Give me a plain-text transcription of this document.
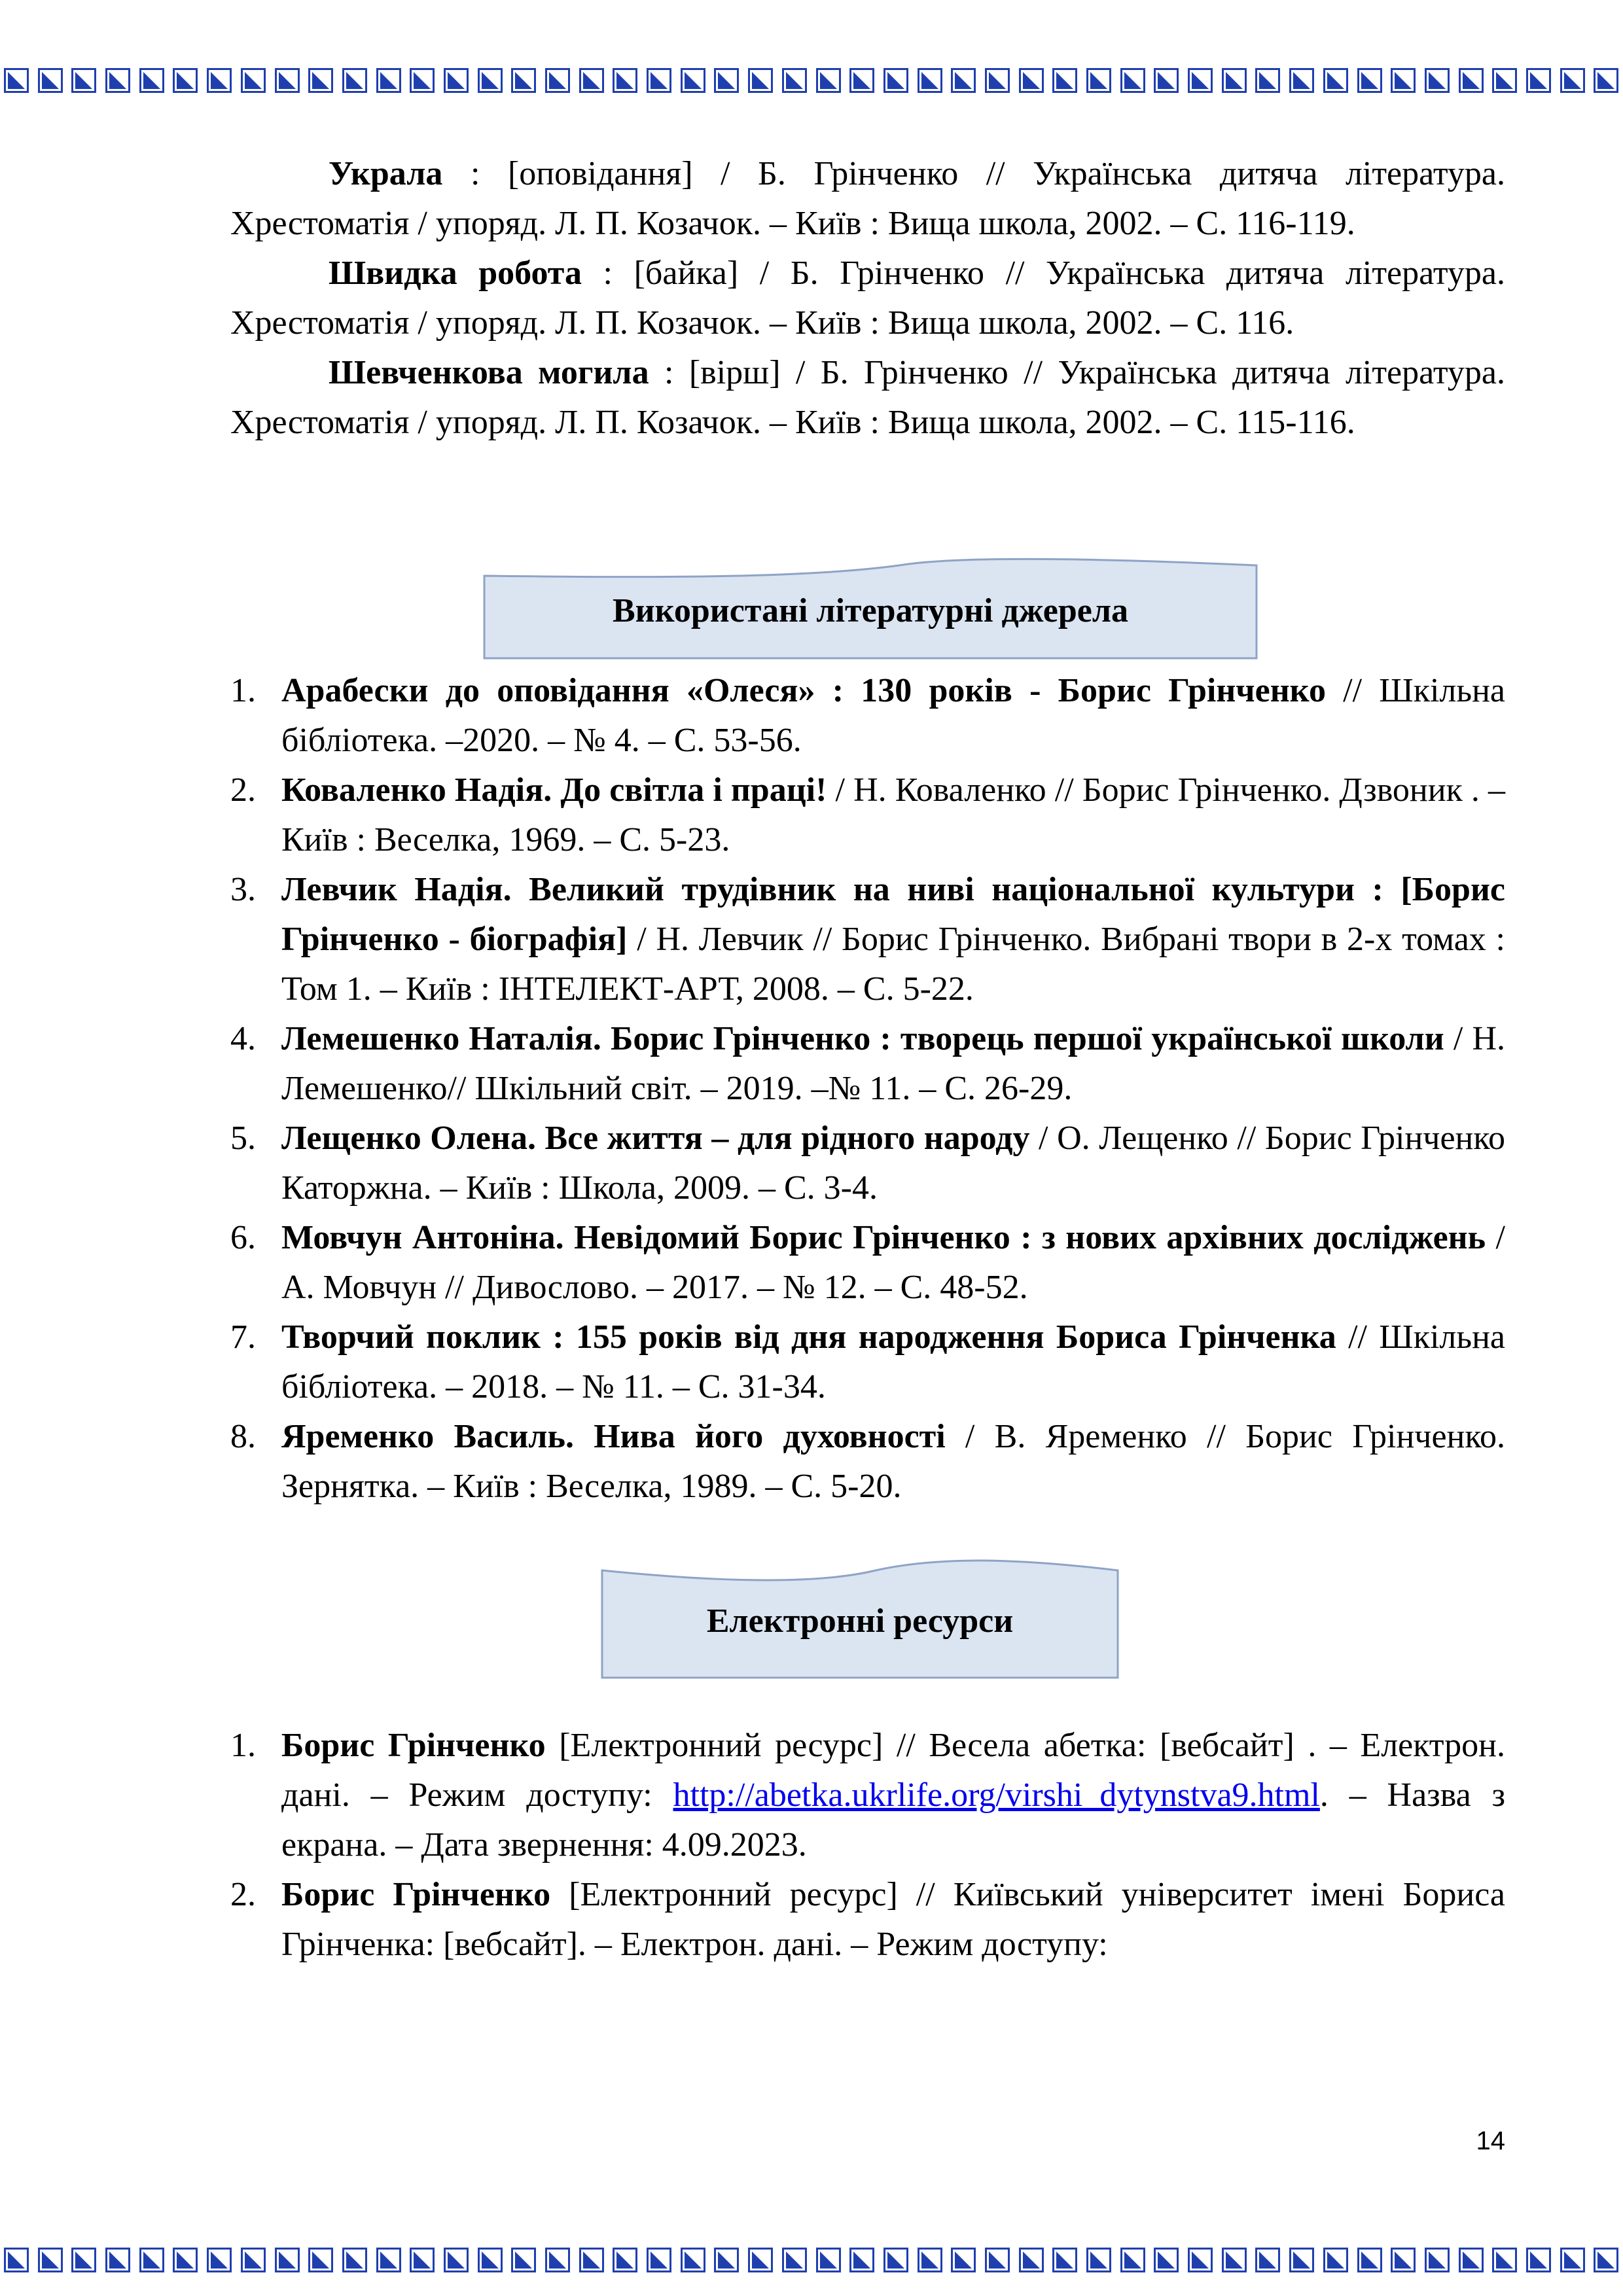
Украла : [оповідання] / Б. Грінченко // Українська дитяча література. Хрестоматія / упоряд. Л. П. Козачок. – Київ : Вища школа, 2002. – С. 116-119.

Швидка робота : [байка] / Б. Грінченко // Українська дитяча література. Хрестоматія / упоряд. Л. П. Козачок. – Київ : Вища школа, 2002. – С. 116.

Шевченкова могила : [вірш] / Б. Грінченко // Українська дитяча література. Хрестоматія / упоряд. Л. П. Козачок. – Київ : Вища школа, 2002. – С. 115-116.

Використані літературні джерела
1. Арабески до оповідання «Олеся» : 130 років - Борис Грінченко // Шкільна бібліотека. –2020. – № 4. – С. 53-56.
2. Коваленко Надія. До світла і праці! / Н. Коваленко // Борис Грінченко. Дзвоник . – Київ : Веселка, 1969. – С. 5-23.
3. Левчик Надія. Великий трудівник на ниві національної культури : [Борис Грінченко - біографія] / Н. Левчик // Борис Грінченко. Вибрані твори в 2-х томах : Том 1. – Київ : ІНТЕЛЕКТ-АРТ, 2008. – С. 5-22.
4. Лемешенко Наталія. Борис Грінченко : творець першої української школи / Н. Лемешенко// Шкільний світ. – 2019. –№ 11. – С. 26-29.
5. Лещенко Олена. Все життя – для рідного народу / О. Лещенко // Борис Грінченко Каторжна. – Київ : Школа, 2009. – С. 3-4.
6. Мовчун Антоніна. Невідомий Борис Грінченко : з нових архівних досліджень / А. Мовчун // Дивослово. – 2017. – № 12. – С. 48-52.
7. Творчий поклик : 155 років від дня народження Бориса Грінченка // Шкільна бібліотека. – 2018. – № 11. – С. 31-34.
8. Яременко Василь. Нива його духовності / В. Яременко // Борис Грінченко. Зернятка. – Київ : Веселка, 1989. – С. 5-20.
Електронні ресурси
1. Борис Грінченко [Електронний ресурс] // Весела абетка: [вебсайт] . – Електрон. дані. – Режим доступу: http://abetka.ukrlife.org/virshi_dytynstva9.html. – Назва з екрана. – Дата звернення: 4.09.2023.
2. Борис Грінченко [Електронний ресурс] // Київський університет імені Бориса Грінченка: [вебсайт]. – Електрон. дані. – Режим доступу:
14
